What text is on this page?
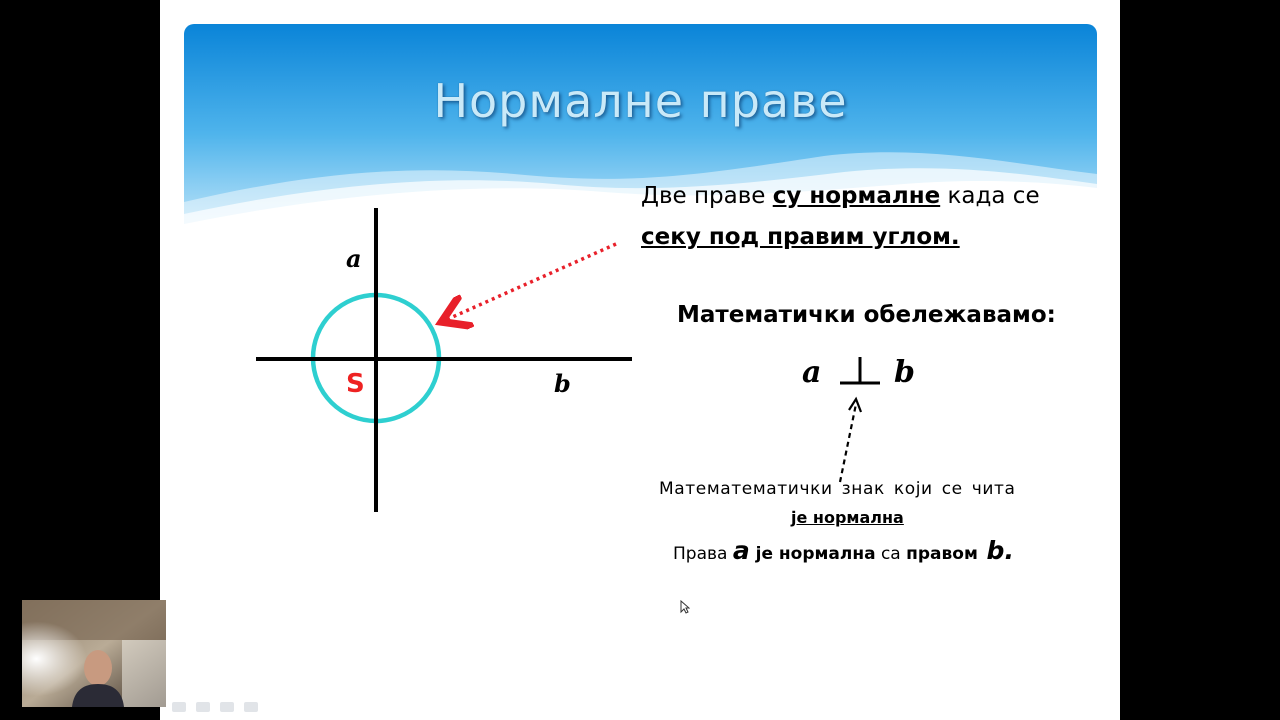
Нормалне праве
a
b
S
Две праве су нормалне када се
секу под правим углом.
Математички обележавамо:
a b
Математематички знак који се чита
је нормална
Права a је нормална са правом b.
